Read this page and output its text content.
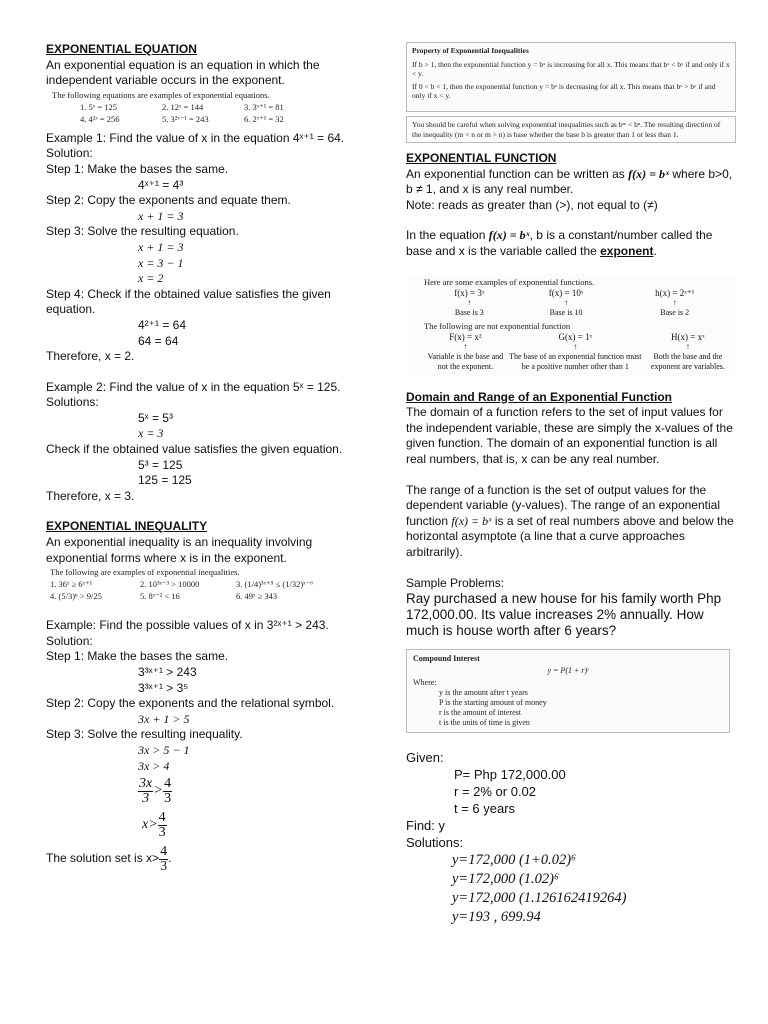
EXPONENTIAL EQUATION
An exponential equation is an equation in which the independent variable occurs in the exponent.
The following equations are examples of exponential equations.
1. 5ˣ = 125	2. 12ˣ = 144	3. 3ˣ⁺¹ = 81
4. 4²ˣ = 256	5. 3²ˣ⁻¹ = 243	6. 2ˣ⁺¹ = 32
Example 1: Find the value of x in the equation 4ˣ⁺¹ = 64.
Solution:
Step 1: Make the bases the same.
4ˣ⁺¹ = 4³
Step 2: Copy the exponents and equate them.
x + 1 = 3
Step 3: Solve the resulting equation.
x + 1 = 3
x = 3 − 1
x = 2
Step 4: Check if the obtained value satisfies the given equation.
4²⁺¹ = 64
64 = 64
Therefore, x = 2.
Example 2: Find the value of x in the equation 5ˣ = 125.
Solutions:
5ˣ = 5³
x = 3
Check if the obtained value satisfies the given equation.
5³ = 125
125 = 125
Therefore, x = 3.
EXPONENTIAL INEQUALITY
An exponential inequality is an inequality involving exponential forms where x is in the exponent.
The following are examples of exponential inequalities.
1. 36ˣ ≥ 6ˣ⁺¹	2. 10³ˣ⁻³ > 10000	3. (1/4)³ˣ⁺⁵ ≤ (1/32)ˣ⁻⁶
4. (5/3)ⁿ > 9/25	5. 8ˣ⁻² < 16	6. 49ˣ ≥ 343
Example: Find the possible values of x in 3²ˣ⁺¹ > 243.
Solution:
Step 1: Make the bases the same.
3³ˣ⁺¹ > 243
3³ˣ⁺¹ > 3⁵
Step 2: Copy the exponents and the relational symbol.
3x + 1 > 5
Step 3: Solve the resulting inequality.
3x > 5 − 1
3x > 4
3x
3 >
4
3
x>
4
3
The solution set is x> 4
3
.
Property of Exponential Inequalities
If b > 1, then the exponential function y = bˣ is increasing for all x. This means that bˣ < bʸ if and only if x < y.
If 0 < b < 1, then the exponential function y = bˣ is decreasing for all x. This means that bˣ > bʸ if and only if x < y.
You should be careful when solving exponential inequalities such as bᵐ < bⁿ. The resulting direction of the inequality (m < n or m > n) is base whether the base b is greater than 1 or less than 1.
EXPONENTIAL FUNCTION
An exponential function can be written as f(x) = bˣ where b>0, b ≠ 1, and x is any real number.
Note: reads as greater than (>), not equal to (≠)
In the equation f(x) = bˣ, b is a constant/number called the base and x is the variable called the exponent.
Here are some examples of exponential functions.
f(x) = 3ˣ	f(x) = 10ˣ	h(x) = 2ˣ⁺¹
↑	↑	↑
Base is 3	Base is 10	Base is 2
The following are not exponential function
F(x) = x²	G(x) = 1ˣ	H(x) = xˣ
↑	↑	↑
Variable is the base and not the exponent.	The base of an exponential function must be a positive number other than 1	Both the base and the exponent are variables.
Domain and Range of an Exponential Function
The domain of a function refers to the set of input values for the independent variable, these are simply the x-values of the given function. The domain of an exponential function is all real numbers, that is, x can be any real number.
The range of a function is the set of output values for the dependent variable (y-values). The range of an exponential function f(x) = bˣ is a set of real numbers above and below the horizontal asymptote (a line that a curve approaches arbitrarily).
Sample Problems:
Ray purchased a new house for his family worth Php 172,000.00. Its value increases 2% annually. How much is house worth after 6 years?
Compound Interest
y = P(1 + r)ᵗ
Where:
y is the amount after t years
P is the starting amount of money
r is the amount of interest
t is the units of time is given
Given:
P= Php 172,000.00
r = 2% or 0.02
t = 6 years
Find: y
Solutions:
y=172,000 (1+0.02)⁶
y=172,000 (1.02)⁶
y=172,000 (1.126162419264)
y=193 , 699.94
